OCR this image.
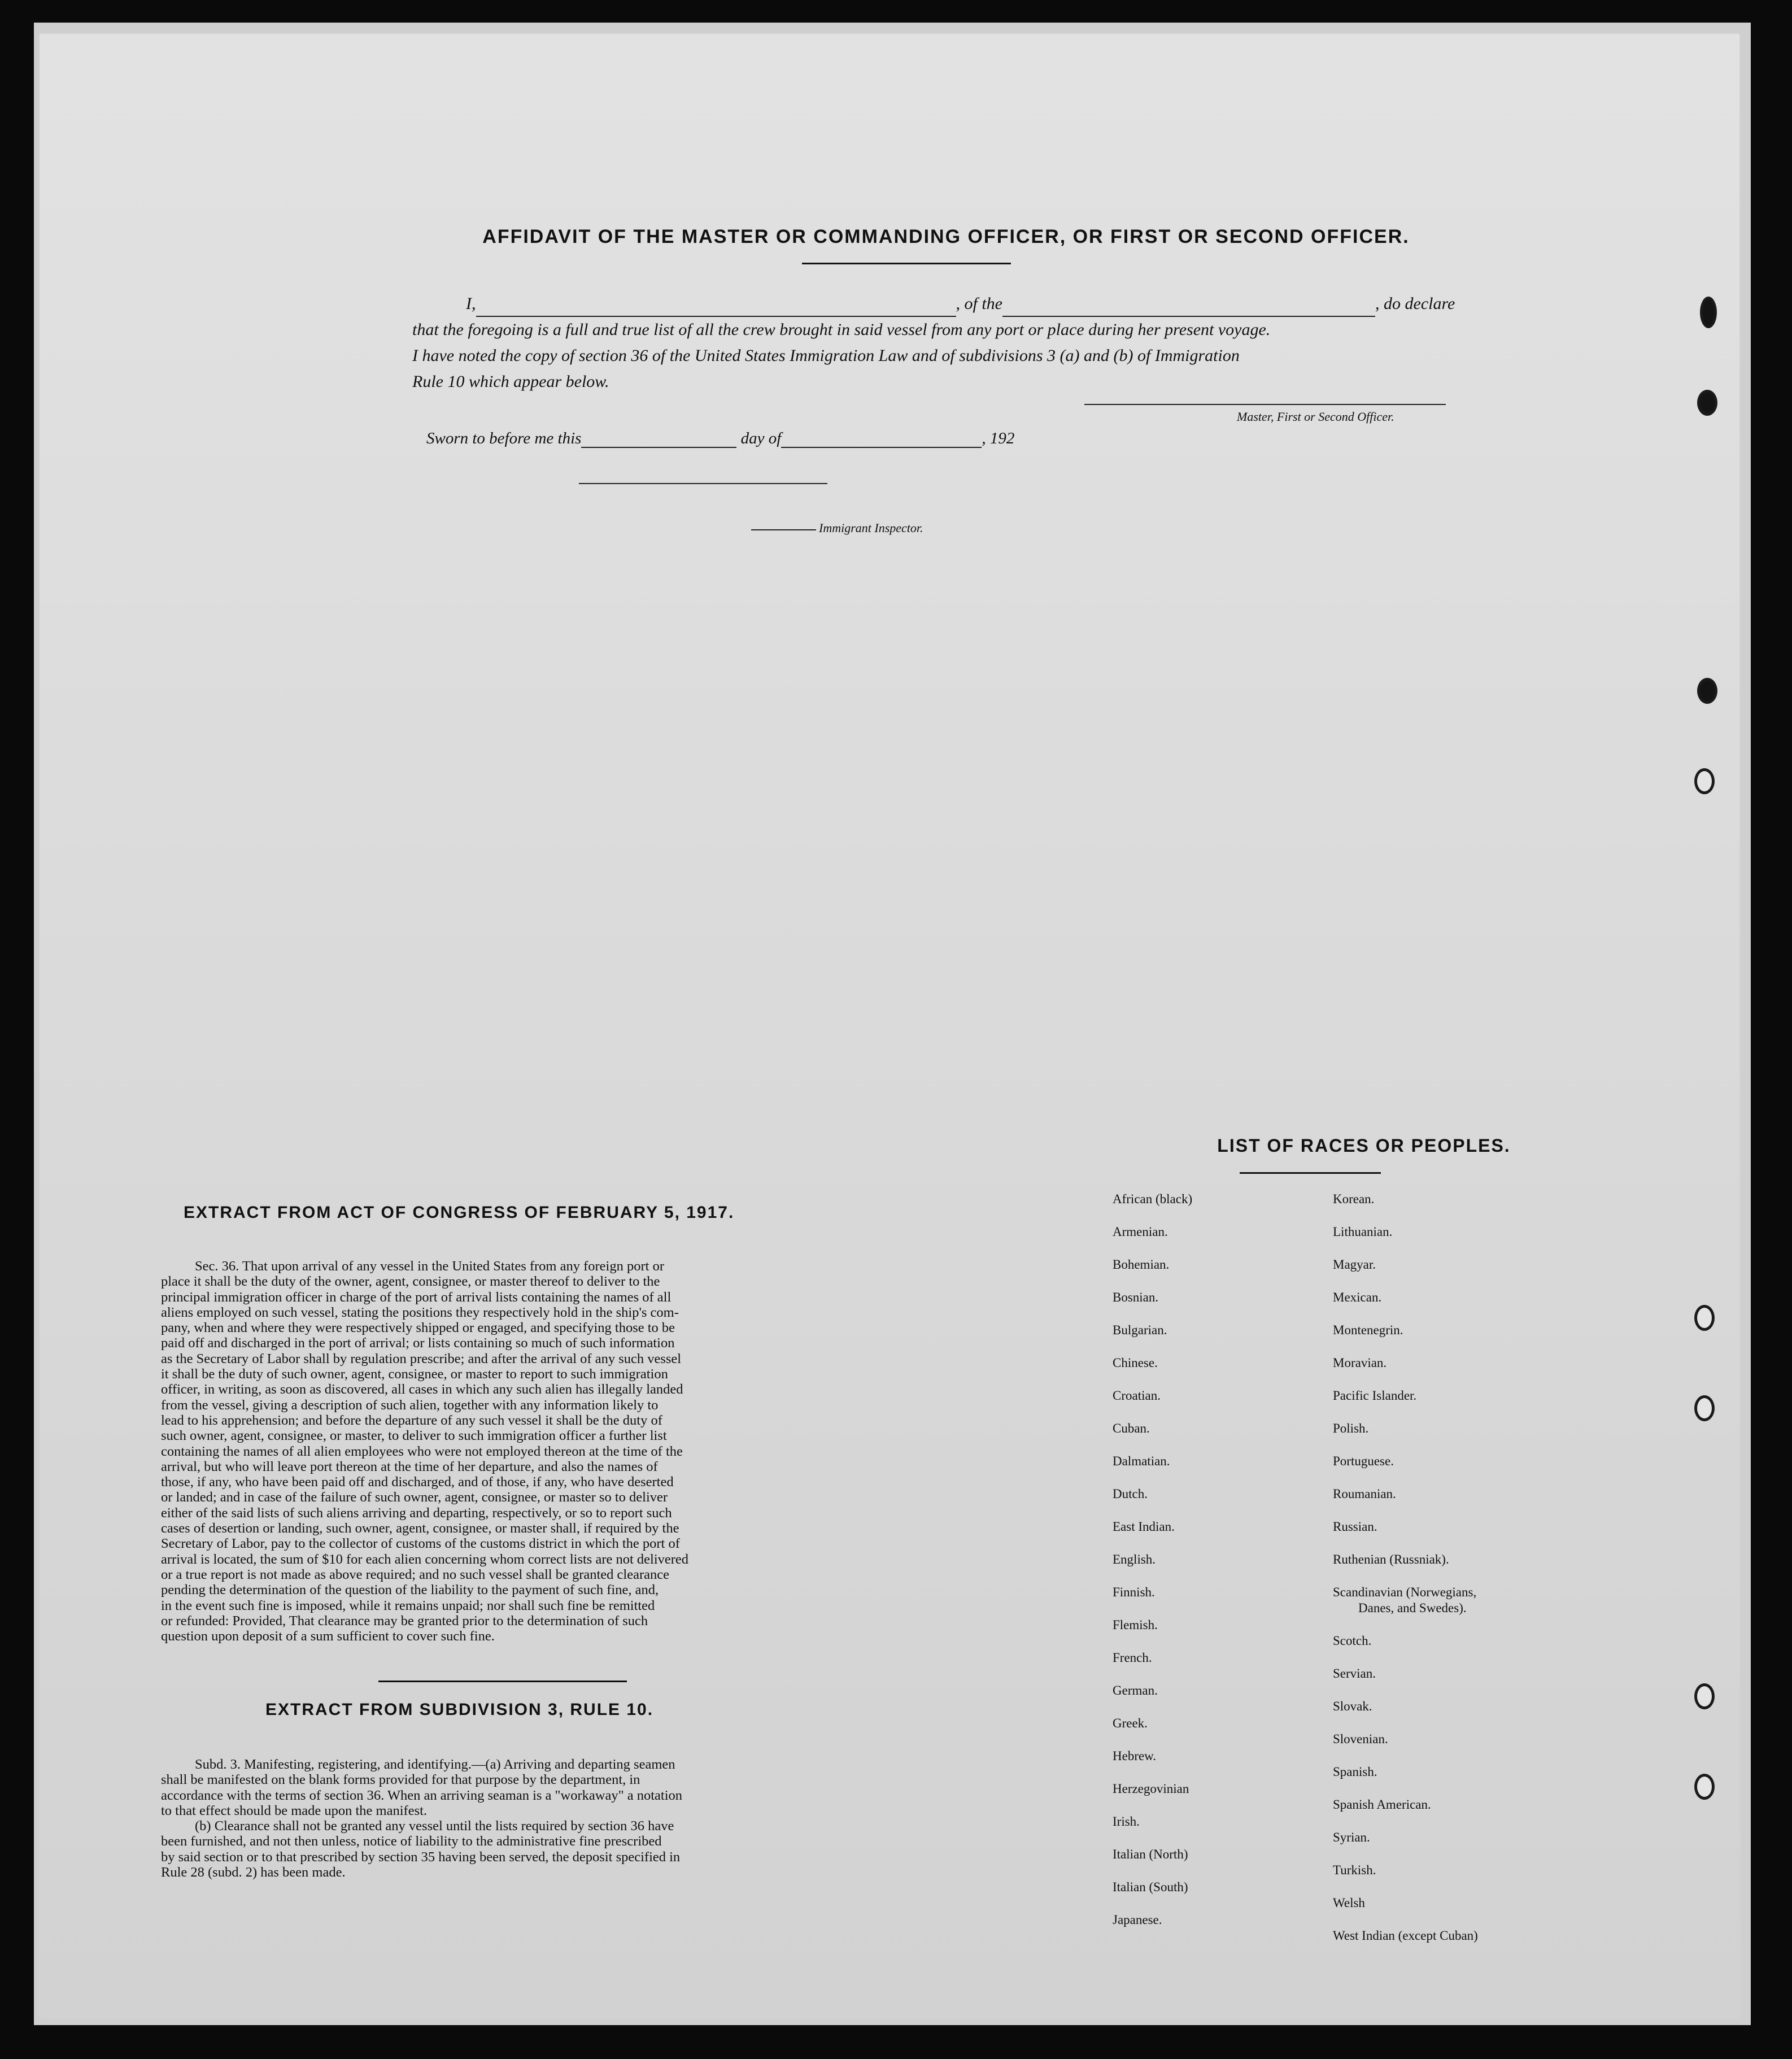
AFFIDAVIT OF THE MASTER OR COMMANDING OFFICER, OR FIRST OR SECOND OFFICER.
I,	, of the	, do declare
that the foregoing is a full and true list of all the crew brought in said vessel from any port or place during her present voyage.
I have noted the copy of section 36 of the United States Immigration Law and of subdivisions 3 (a) and (b) of Immigration
Rule 10 which appear below.
Master, First or Second Officer.
Sworn to before me this	day of	, 192
Immigrant Inspector.
EXTRACT FROM ACT OF CONGRESS OF FEBRUARY 5, 1917.

Sec. 36. That upon arrival of any vessel in the United States from any foreign port or

place it shall be the duty of the owner, agent, consignee, or master thereof to deliver to the
principal immigration officer in charge of the port of arrival lists containing the names of all
aliens employed on such vessel, stating the positions they respectively hold in the ship's com-
pany, when and where they were respectively shipped or engaged, and specifying those to be
paid off and discharged in the port of arrival; or lists containing so much of such information
as the Secretary of Labor shall by regulation prescribe; and after the arrival of any such vessel
it shall be the duty of such owner, agent, consignee, or master to report to such immigration
officer, in writing, as soon as discovered, all cases in which any such alien has illegally landed
from the vessel, giving a description of such alien, together with any information likely to
lead to his apprehension; and before the departure of any such vessel it shall be the duty of
such owner, agent, consignee, or master, to deliver to such immigration officer a further list
containing the names of all alien employees who were not employed thereon at the time of the
arrival, but who will leave port thereon at the time of her departure, and also the names of
those, if any, who have been paid off and discharged, and of those, if any, who have deserted
or landed; and in case of the failure of such owner, agent, consignee, or master so to deliver
either of the said lists of such aliens arriving and departing, respectively, or so to report such
cases of desertion or landing, such owner, agent, consignee, or master shall, if required by the
Secretary of Labor, pay to the collector of customs of the customs district in which the port of
arrival is located, the sum of $10 for each alien concerning whom correct lists are not delivered
or a true report is not made as above required; and no such vessel shall be granted clearance
pending the determination of the question of the liability to the payment of such fine, and,
in the event such fine is imposed, while it remains unpaid; nor shall such fine be remitted
or refunded: Provided, That clearance may be granted prior to the determination of such
question upon deposit of a sum sufficient to cover such fine.
EXTRACT FROM SUBDIVISION 3, RULE 10.

Subd. 3. Manifesting, registering, and identifying.—(a) Arriving and departing seamen

shall be manifested on the blank forms provided for that purpose by the department, in
accordance with the terms of section 36. When an arriving seaman is a "workaway" a notation
to that effect should be made upon the manifest.

(b) Clearance shall not be granted any vessel until the lists required by section 36 have

been furnished, and not then unless, notice of liability to the administrative fine prescribed
by said section or to that prescribed by section 35 having been served, the deposit specified in
Rule 28 (subd. 2) has been made.
LIST OF RACES OR PEOPLES.
African (black)
Armenian.
Bohemian.
Bosnian.
Bulgarian.
Chinese.
Croatian.
Cuban.
Dalmatian.
Dutch.
East Indian.
English.
Finnish.
Flemish.
French.
German.
Greek.
Hebrew.
Herzegovinian
Irish.
Italian (North)
Italian (South)
Japanese.
Korean.
Lithuanian.
Magyar.
Mexican.
Montenegrin.
Moravian.
Pacific Islander.
Polish.
Portuguese.
Roumanian.
Russian.
Ruthenian (Russniak).
Scandinavian (Norwegians,
Danes, and Swedes).
Scotch.
Servian.
Slovak.
Slovenian.
Spanish.
Spanish American.
Syrian.
Turkish.
Welsh
West Indian (except Cuban)
